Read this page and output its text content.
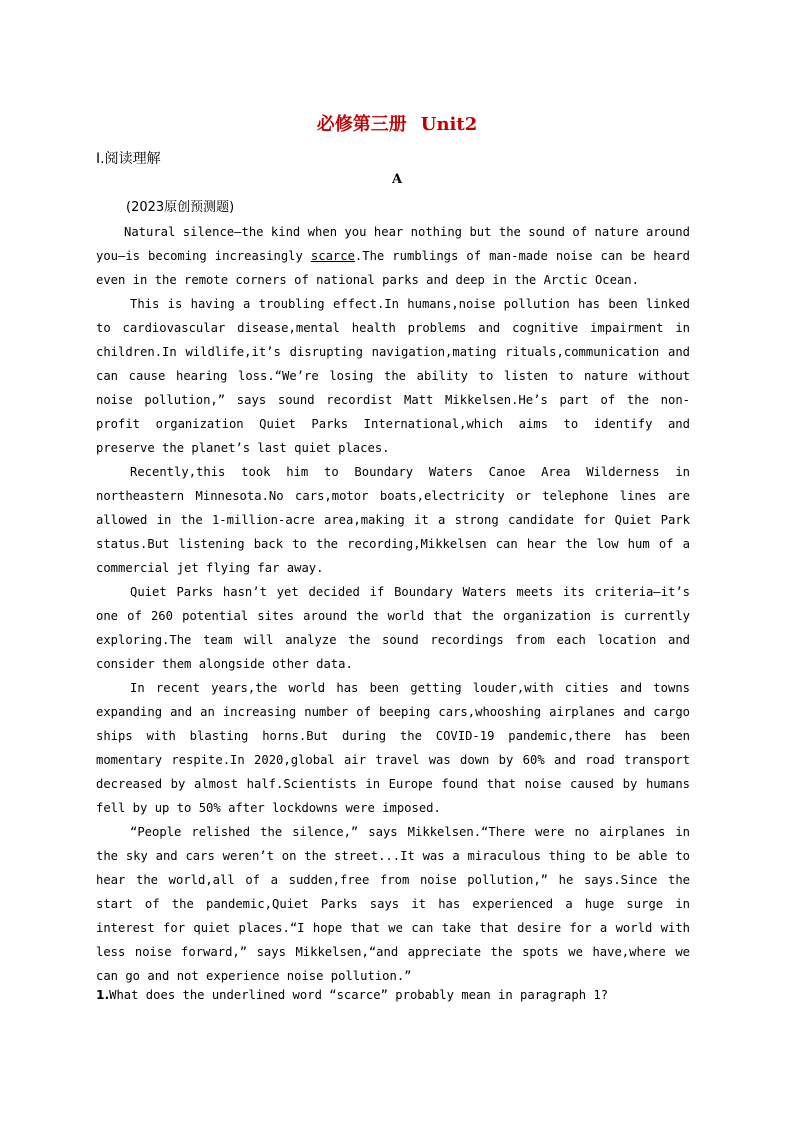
必修第三册 Unit2
Ⅰ.阅读理解
A
(2023原创预测题)

Natural silence—the kind when you hear nothing but the sound of nature around you—is becoming increasingly scarce.The rumblings of man-made noise can be heard even in the remote corners of national parks and deep in the Arctic Ocean.

This is having a troubling effect.In humans,noise pollution has been linked to cardiovascular disease,mental health problems and cognitive impairment in children.In wildlife,it’s disrupting navigation,mating rituals,communication and can cause hearing loss.“We’re losing the ability to listen to nature without noise pollution,” says sound recordist Matt Mikkelsen.He’s part of the non-profit organization Quiet Parks International,which aims to identify and preserve the planet’s last quiet places.

Recently,this took him to Boundary Waters Canoe Area Wilderness in northeastern Minnesota.No cars,motor boats,electricity or telephone lines are allowed in the 1-million-acre area,making it a strong candidate for Quiet Park status.But listening back to the recording,Mikkelsen can hear the low hum of a commercial jet flying far away.

Quiet Parks hasn’t yet decided if Boundary Waters meets its criteria—it’s one of 260 potential sites around the world that the organization is currently exploring.The team will analyze the sound recordings from each location and consider them alongside other data.

In recent years,the world has been getting louder,with cities and towns expanding and an increasing number of beeping cars,whooshing airplanes and cargo ships with blasting horns.But during the COVID-19 pandemic,there has been momentary respite.In 2020,global air travel was down by 60% and road transport decreased by almost half.Scientists in Europe found that noise caused by humans fell by up to 50% after lockdowns were imposed.

“People relished the silence,” says Mikkelsen.“There were no airplanes in the sky and cars weren’t on the street...It was a miraculous thing to be able to hear the world,all of a sudden,free from noise pollution,” he says.Since the start of the pandemic,Quiet Parks says it has experienced a huge surge in interest for quiet places.“I hope that we can take that desire for a world with less noise forward,” says Mikkelsen,“and appreciate the spots we have,where we can go and not experience noise pollution.”

1.What does the underlined word “scarce” probably mean in paragraph 1?
